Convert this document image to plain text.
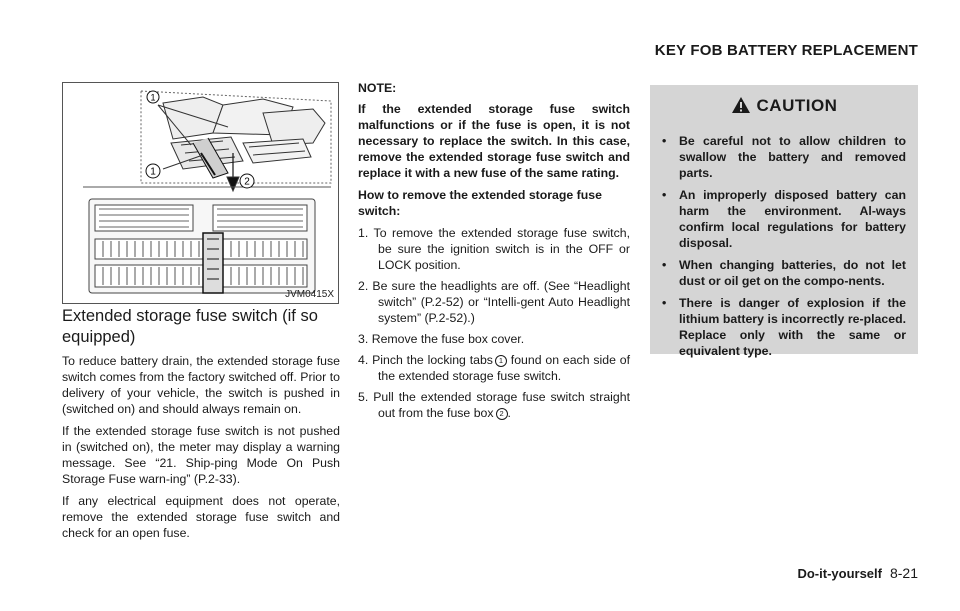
KEY FOB BATTERY REPLACEMENT
1
1
2
JVM0415X
Extended storage fuse switch (if so equipped)

To reduce battery drain, the extended storage fuse switch comes from the factory switched off. Prior to delivery of your vehicle, the switch is pushed in (switched on) and should always remain on.

If the extended storage fuse switch is not pushed in (switched on), the meter may display a warning message. See “21. Ship-ping Mode On Push Storage Fuse warn-ing” (P.2-33).

If any electrical equipment does not operate, remove the extended storage fuse switch and check for an open fuse.

NOTE:

If the extended storage fuse switch malfunctions or if the fuse is open, it is not necessary to replace the switch. In this case, remove the extended storage fuse switch and replace it with a new fuse of the same rating.

How to remove the extended storage fuse switch:

1. To remove the extended storage fuse switch, be sure the ignition switch is in the OFF or LOCK position.
2. Be sure the headlights are off. (See “Headlight switch” (P.2-52) or “Intelli-gent Auto Headlight system” (P.2-52).)
3. Remove the fuse box cover.
4. Pinch the locking tabs 1 found on each side of the extended storage fuse switch.
5. Pull the extended storage fuse switch straight out from the fuse box 2 .
CAUTION
• Be careful not to allow children to swallow the battery and removed parts.
• An improperly disposed battery can harm the environment. Al-ways confirm local regulations for battery disposal.
• When changing batteries, do not let dust or oil get on the compo-nents.
• There is danger of explosion if the lithium battery is incorrectly re-placed. Replace only with the same or equivalent type.
Do-it-yourself 8-21
